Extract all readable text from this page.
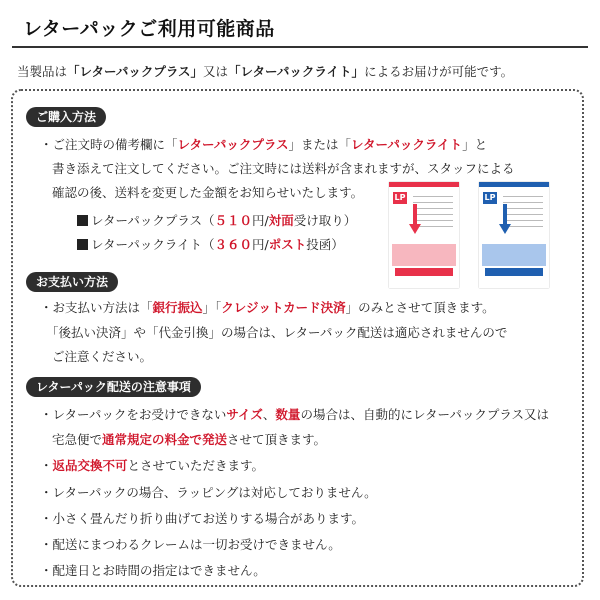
レターパックご利用可能商品
当製品は「レターパックプラス」又は「レターパックライト」によるお届けが可能です。
ご購入方法
・ご注文時の備考欄に「レターパックプラス」または「レターパックライト」と
書き添えて注文してください。ご注文時には送料が含まれますが、スタッフによる
確認の後、送料を変更した金額をお知らせいたします。
レターパックプラス（５１０円/対面受け取り）
レターパックライト（３６０円/ポスト投函）
LP	LP
お支払い方法
・お支払い方法は「銀行振込」「クレジットカード決済」のみとさせて頂きます。
「後払い決済」や「代金引換」の場合は、レターパック配送は適応されませんので
ご注意ください。
レターパック配送の注意事項
・レターパックをお受けできないサイズ、数量の場合は、自動的にレターパックプラス又は
宅急便で通常規定の料金で発送させて頂きます。
・返品交換不可とさせていただきます。
・レターパックの場合、ラッピングは対応しておりません。
・小さく畳んだり折り曲げてお送りする場合があります。
・配送にまつわるクレームは一切お受けできません。
・配達日とお時間の指定はできません。
